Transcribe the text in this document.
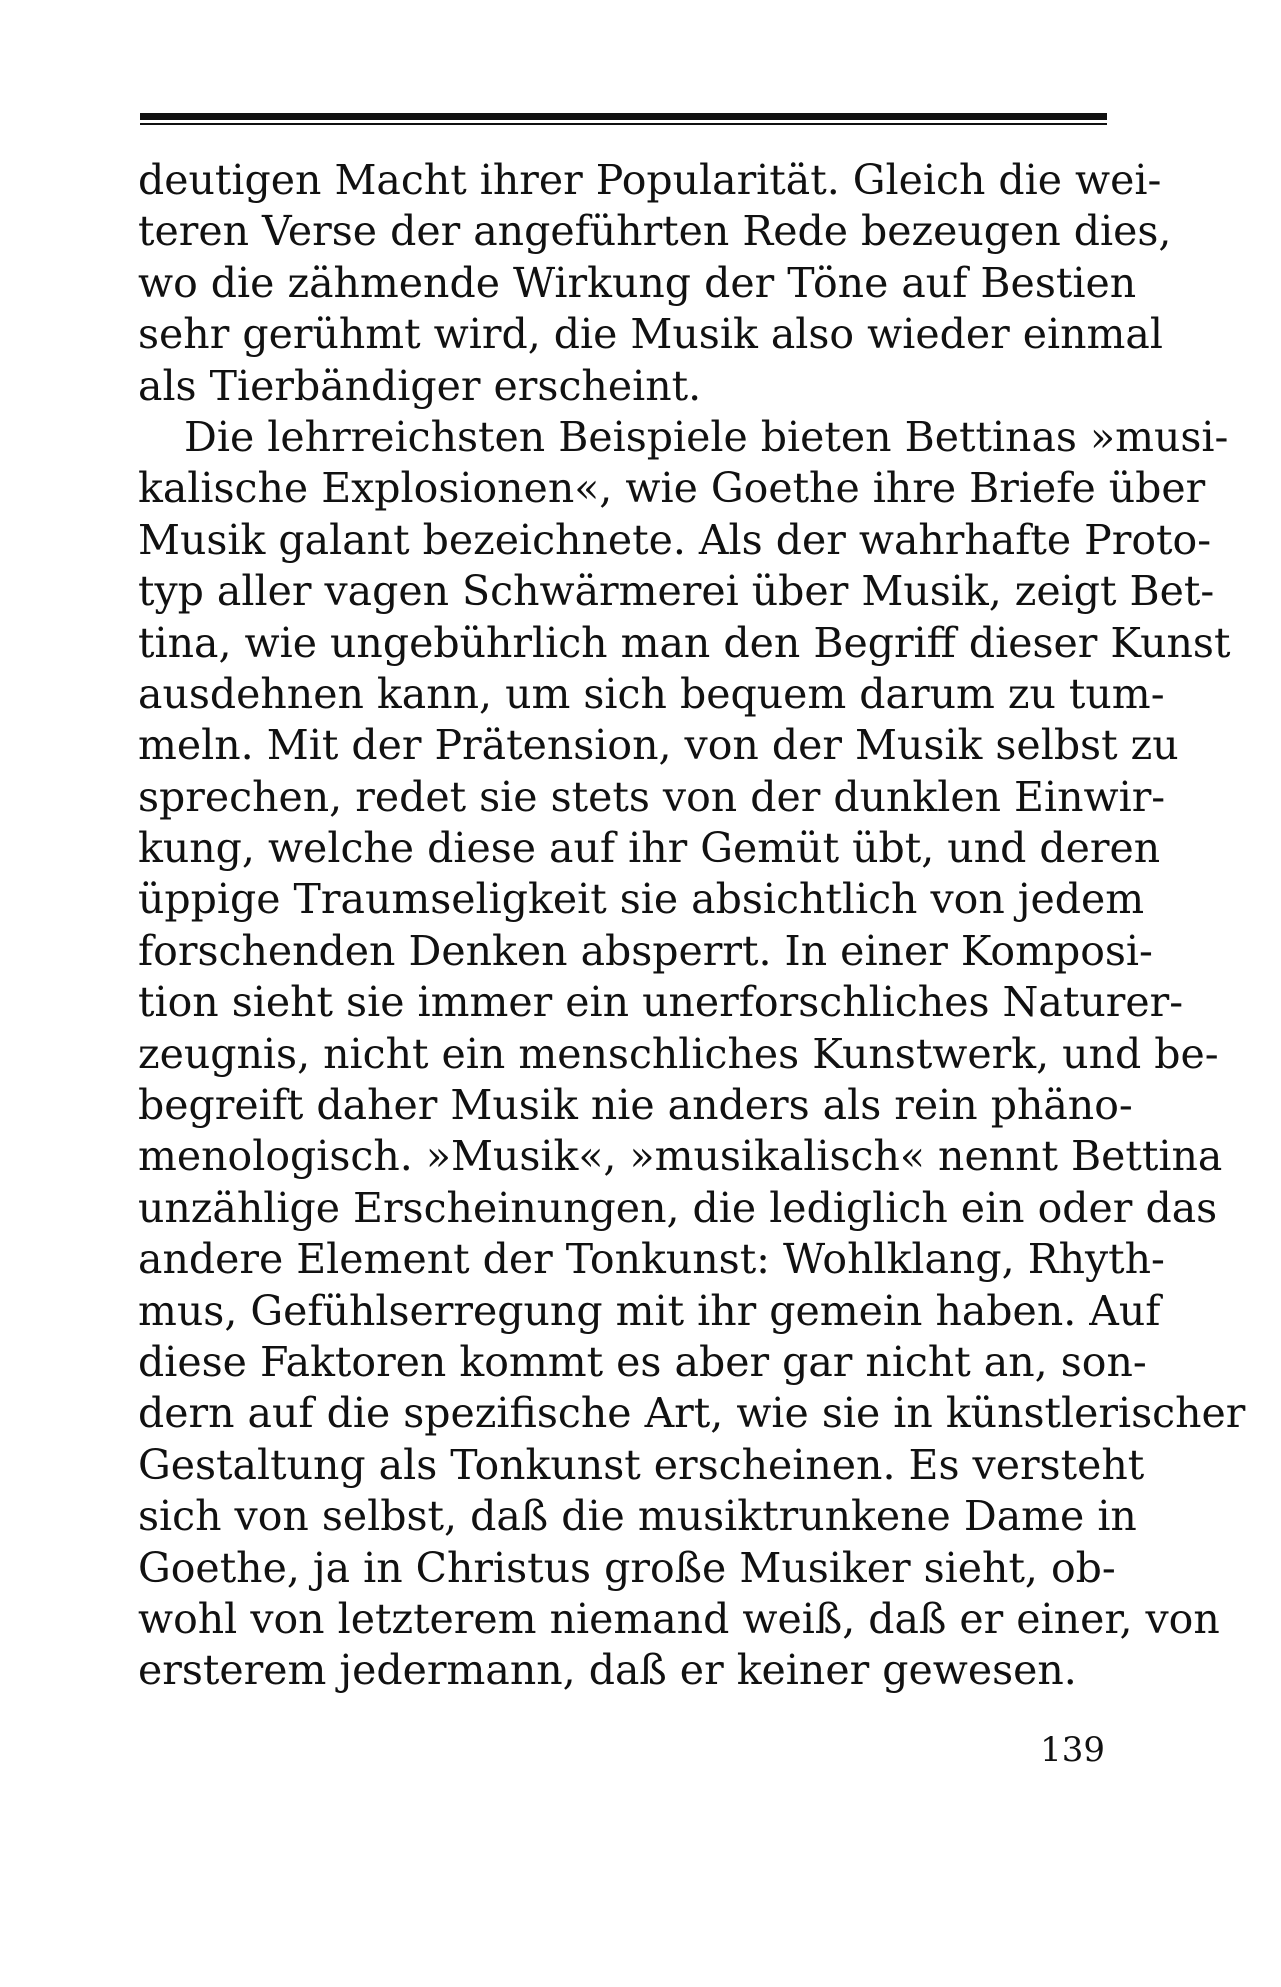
deutigen Macht ihrer Popularität. Gleich die wei-
teren Verse der angeführten Rede bezeugen dies,
wo die zähmende Wirkung der Töne auf Bestien
sehr gerühmt wird, die Musik also wieder einmal
als Tierbändiger erscheint.
Die lehrreichsten Beispiele bieten Bettinas »musi-
kalische Explosionen«, wie Goethe ihre Briefe über
Musik galant bezeichnete. Als der wahrhafte Proto-
typ aller vagen Schwärmerei über Musik, zeigt Bet-
tina, wie ungebührlich man den Begriff dieser Kunst
ausdehnen kann, um sich bequem darum zu tum-
meln. Mit der Prätension, von der Musik selbst zu
sprechen, redet sie stets von der dunklen Einwir-
kung, welche diese auf ihr Gemüt übt, und deren
üppige Traumseligkeit sie absichtlich von jedem
forschenden Denken absperrt. In einer Komposi-
tion sieht sie immer ein unerforschliches Naturer-
zeugnis, nicht ein menschliches Kunstwerk, und be-
begreift daher Musik nie anders als rein phäno-
menologisch. »Musik«, »musikalisch« nennt Bettina
unzählige Erscheinungen, die lediglich ein oder das
andere Element der Tonkunst: Wohlklang, Rhyth-
mus, Gefühlserregung mit ihr gemein haben. Auf
diese Faktoren kommt es aber gar nicht an, son-
dern auf die spezifische Art, wie sie in künstlerischer
Gestaltung als Tonkunst erscheinen. Es versteht
sich von selbst, daß die musiktrunkene Dame in
Goethe, ja in Christus große Musiker sieht, ob-
wohl von letzterem niemand weiß, daß er einer, von
ersterem jedermann, daß er keiner gewesen.
139
